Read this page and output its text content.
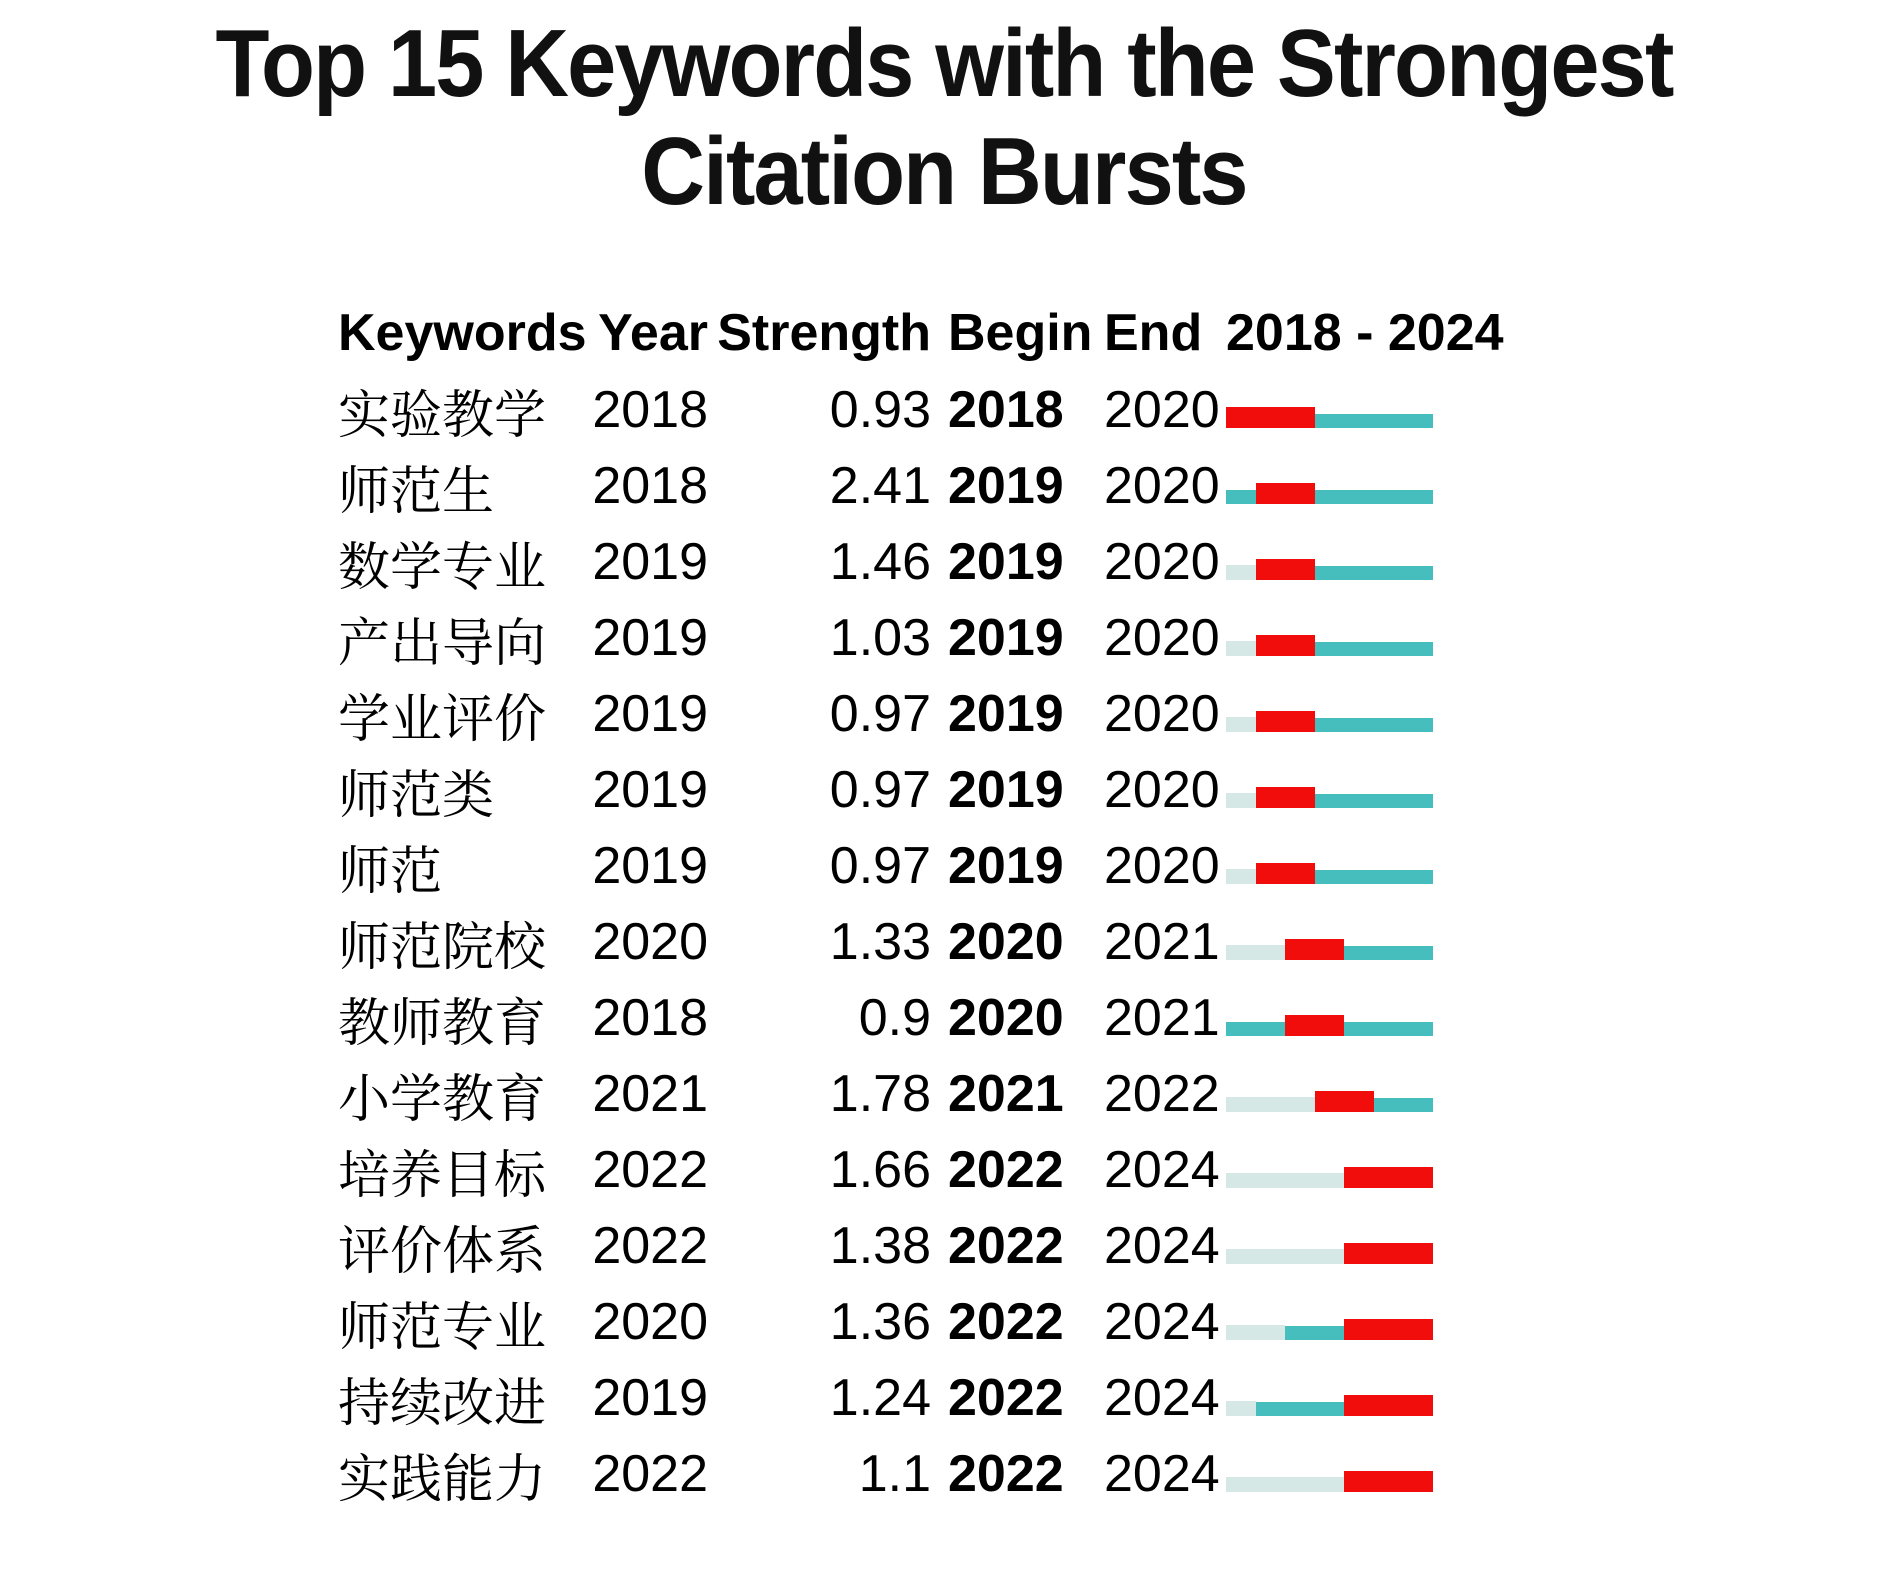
Top 15 Keywords with the Strongest
Citation Bursts
Keywords Year Strength Begin End 2018 - 2024
实验教学 2018	0.93 2018 2020
师范生	2018	2.41 2019 2020
数学专业 2019	1.46 2019 2020
产出导向 2019	1.03 2019 2020
学业评价 2019	0.97 2019 2020
师范类	2019	0.97 2019 2020
师范	2019	0.97 2019 2020
师范院校 2020	1.33 2020 2021
教师教育 2018	0.9 2020 2021
小学教育 2021	1.78 2021 2022
培养目标 2022	1.66 2022 2024
评价体系 2022	1.38 2022 2024
师范专业 2020	1.36 2022 2024
持续改进 2019	1.24 2022 2024
实践能力 2022	1.1 2022 2024
